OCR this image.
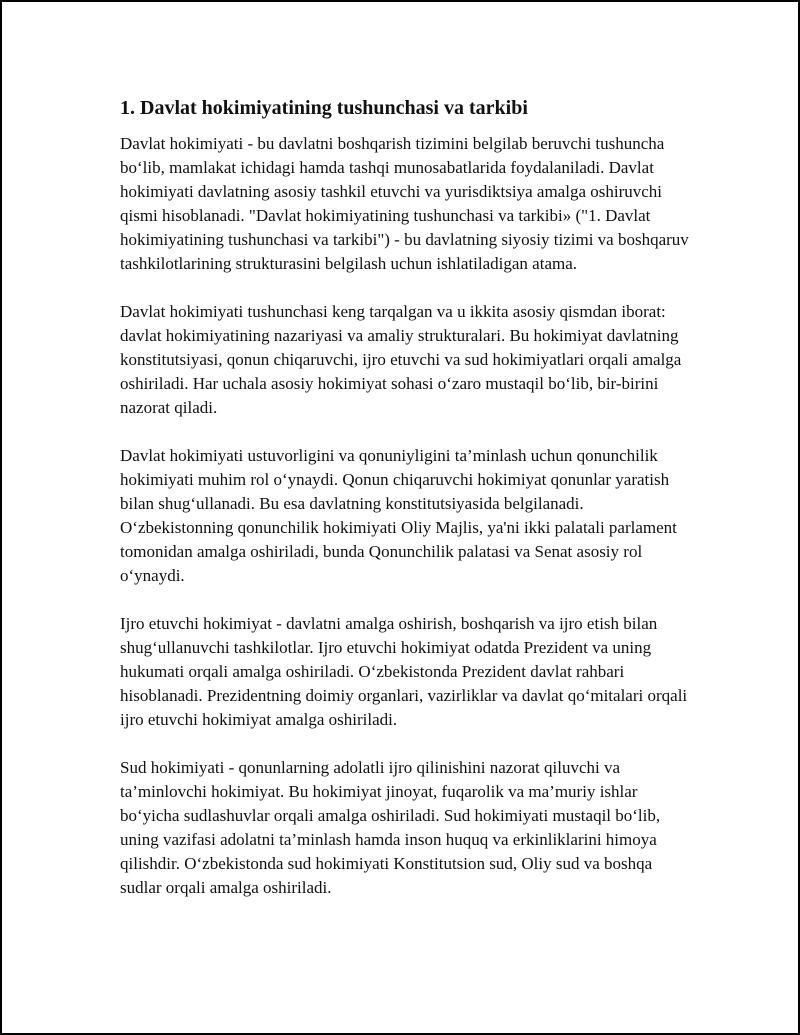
1. Davlat hokimiyatining tushunchasi va tarkibi

Davlat hokimiyati - bu davlatni boshqarish tizimini belgilab beruvchi tushuncha bo‘lib, mamlakat ichidagi hamda tashqi munosabatlarida foydalaniladi. Davlat hokimiyati davlatning asosiy tashkil etuvchi va yurisdiktsiya amalga oshiruvchi qismi hisoblanadi. "Davlat hokimiyatining tushunchasi va tarkibi» ("1. Davlat hokimiyatining tushunchasi va tarkibi") - bu davlatning siyosiy tizimi va boshqaruv tashkilotlarining strukturasini belgilash uchun ishlatiladigan atama.

Davlat hokimiyati tushunchasi keng tarqalgan va u ikkita asosiy qismdan iborat: davlat hokimiyatining nazariyasi va amaliy strukturalari. Bu hokimiyat davlatning konstitutsiyasi, qonun chiqaruvchi, ijro etuvchi va sud hokimiyatlari orqali amalga oshiriladi. Har uchala asosiy hokimiyat sohasi o‘zaro mustaqil bo‘lib, bir-birini nazorat qiladi.

Davlat hokimiyati ustuvorligini va qonuniyligini ta’minlash uchun qonunchilik hokimiyati muhim rol o‘ynaydi. Qonun chiqaruvchi hokimiyat qonunlar yaratish bilan shug‘ullanadi. Bu esa davlatning konstitutsiyasida belgilanadi. O‘zbekistonning qonunchilik hokimiyati Oliy Majlis, ya'ni ikki palatali parlament tomonidan amalga oshiriladi, bunda Qonunchilik palatasi va Senat asosiy rol o‘ynaydi.

Ijro etuvchi hokimiyat - davlatni amalga oshirish, boshqarish va ijro etish bilan shug‘ullanuvchi tashkilotlar. Ijro etuvchi hokimiyat odatda Prezident va uning hukumati orqali amalga oshiriladi. O‘zbekistonda Prezident davlat rahbari hisoblanadi. Prezidentning doimiy organlari, vazirliklar va davlat qo‘mitalari orqali ijro etuvchi hokimiyat amalga oshiriladi.

Sud hokimiyati - qonunlarning adolatli ijro qilinishini nazorat qiluvchi va ta’minlovchi hokimiyat. Bu hokimiyat jinoyat, fuqarolik va ma’muriy ishlar bo‘yicha sudlashuvlar orqali amalga oshiriladi. Sud hokimiyati mustaqil bo‘lib, uning vazifasi adolatni ta’minlash hamda inson huquq va erkinliklarini himoya qilishdir. O‘zbekistonda sud hokimiyati Konstitutsion sud, Oliy sud va boshqa sudlar orqali amalga oshiriladi.
